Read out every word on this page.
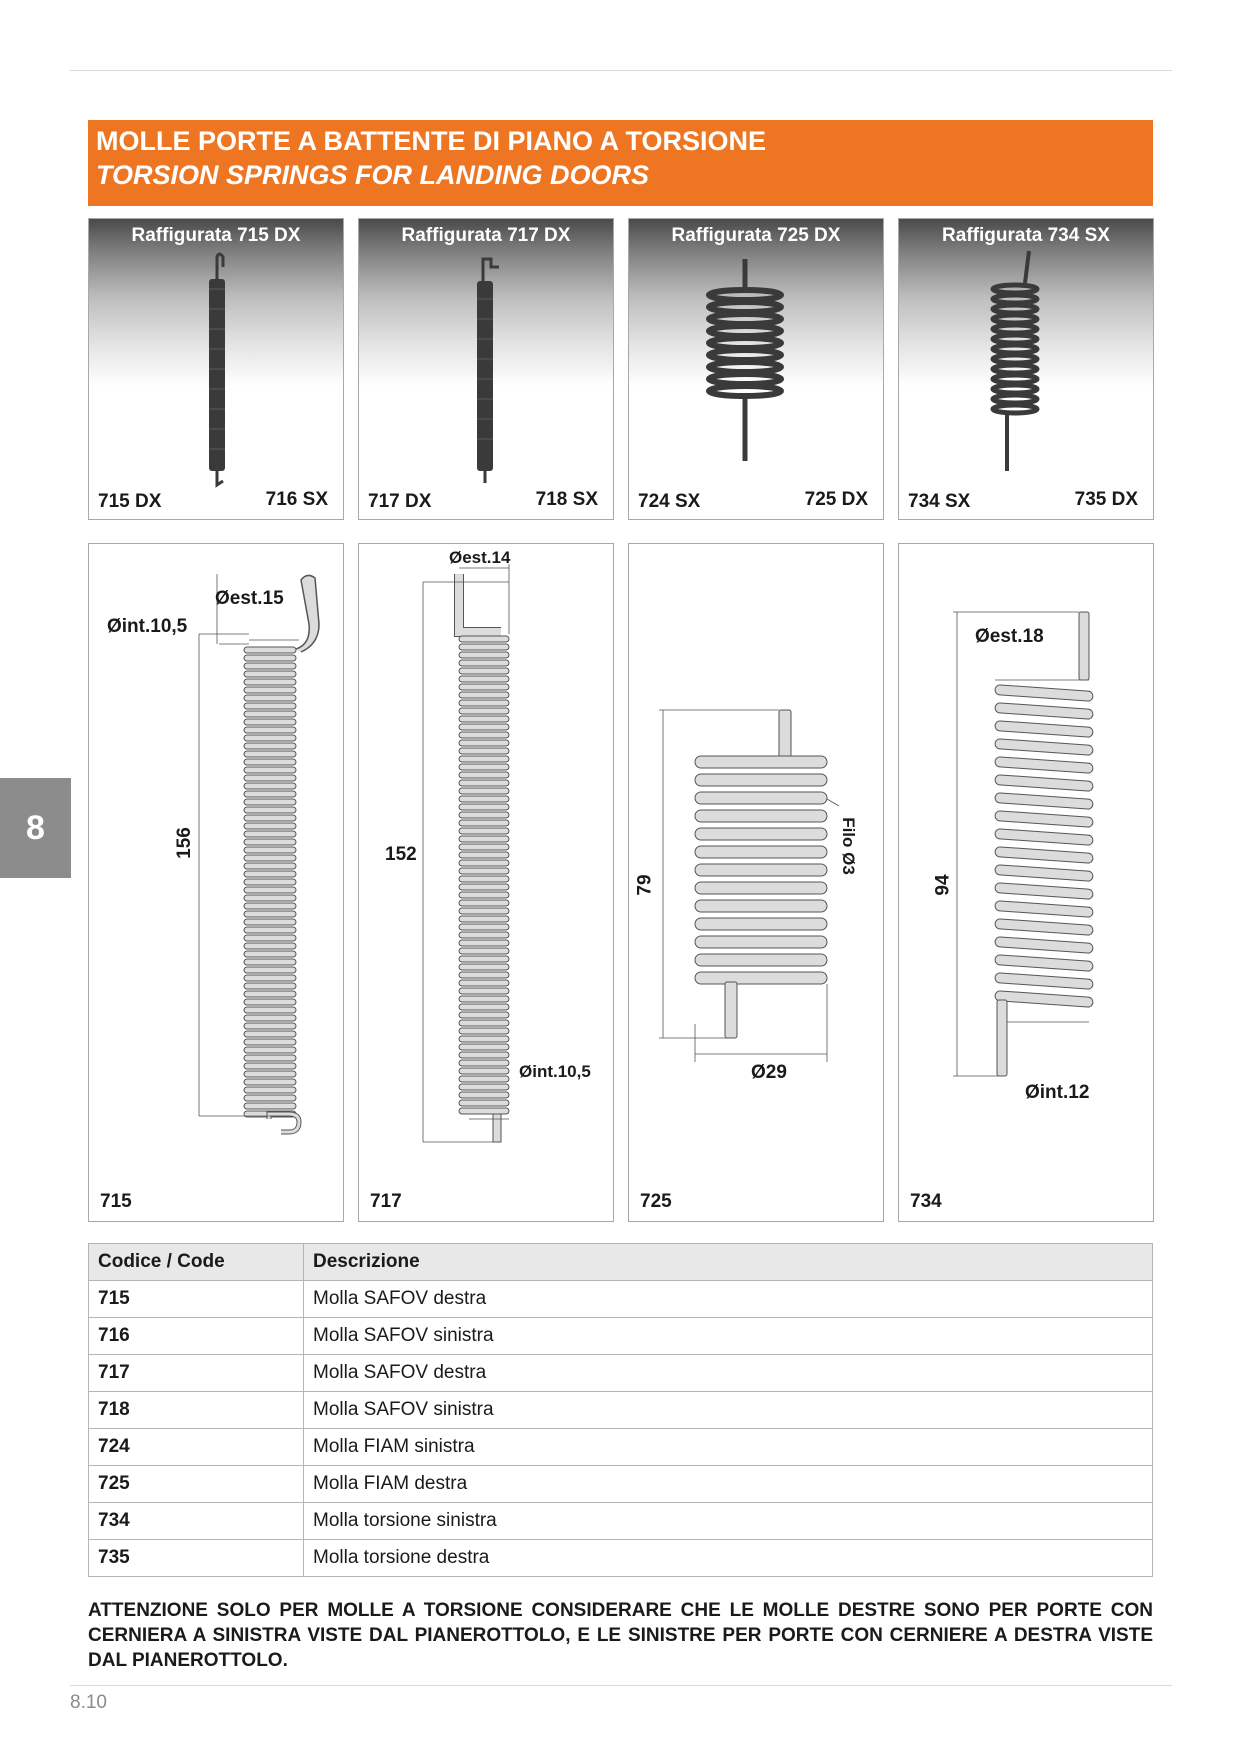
MOLLE PORTE A BATTENTE DI PIANO A TORSIONE
TORSION SPRINGS FOR LANDING DOORS
8
Raffigurata 715 DX
715 DX	716 SX
Raffigurata 717 DX
717 DX	718 SX
Raffigurata 725 DX
724 SX	725 DX
Raffigurata 734 SX
734 SX	735 DX
Øest.15
Øint.10,5
156
715
Øest.14
152
Øint.10,5
717
79
Ø29
Filo Ø3
725
Øest.18
94
Øint.12
734
Codice / Code	Descrizione
715	Molla SAFOV destra
716	Molla SAFOV sinistra
717	Molla SAFOV destra
718	Molla SAFOV sinistra
724	Molla FIAM sinistra
725	Molla FIAM destra
734	Molla torsione sinistra
735	Molla torsione destra
ATTENZIONE SOLO PER MOLLE A TORSIONE CONSIDERARE CHE LE MOLLE DESTRE SONO PER PORTE CON CERNIERA A SINISTRA VISTE DAL PIANEROTTOLO, E LE SINISTRE PER PORTE CON CERNIERE A DESTRA VISTE DAL PIANEROTTOLO.
8.10
